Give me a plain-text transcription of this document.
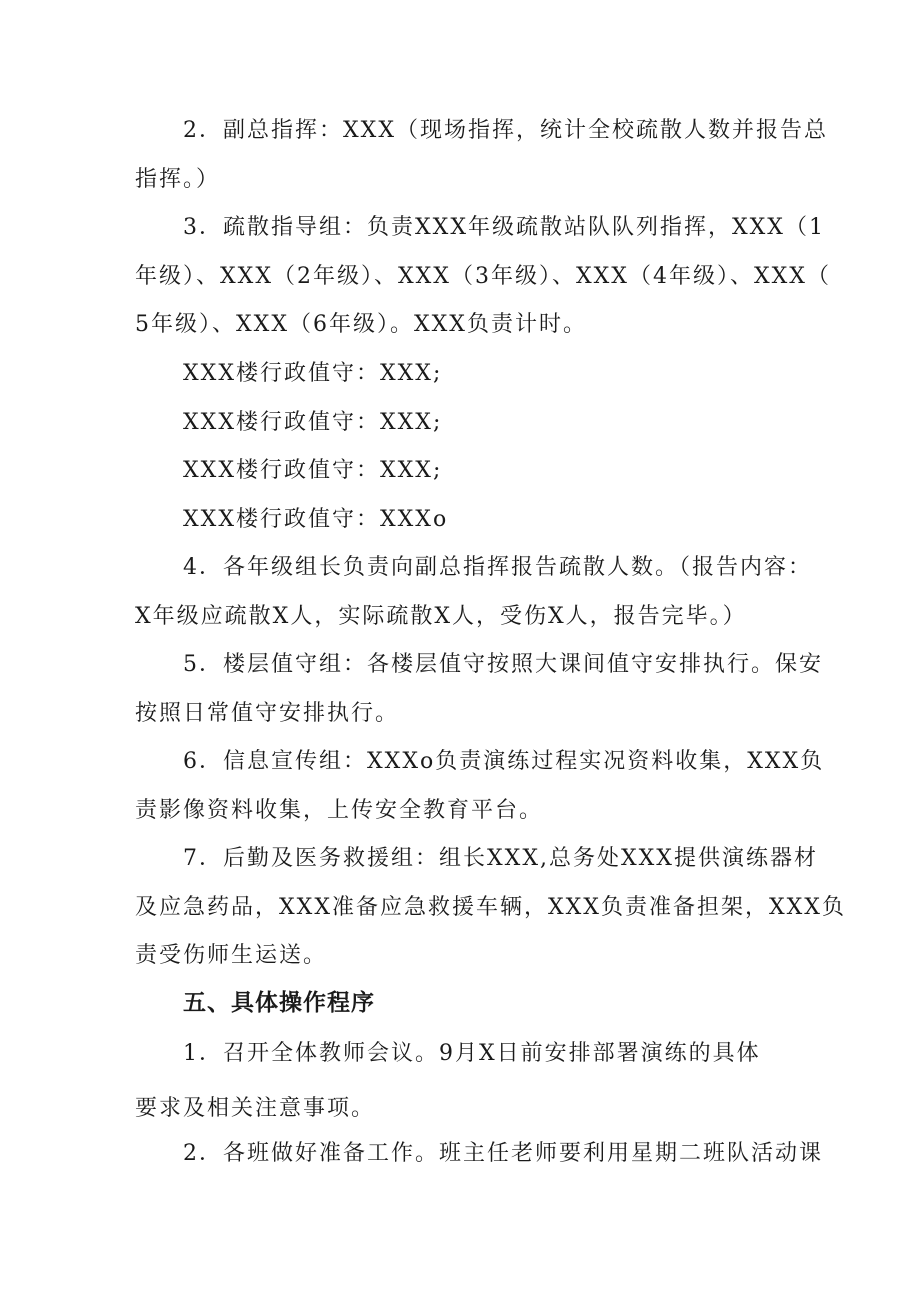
2．副总指挥：XXX（现场指挥，统计全校疏散人数并报告总
指挥。）
3．疏散指导组：负责XXX年级疏散站队队列指挥，XXX（1
年级）、XXX（2年级）、XXX（3年级）、XXX（4年级）、XXX（
5年级）、XXX（6年级）。XXX负责计时。
XXX楼行政值守：XXX;
XXX楼行政值守：XXX;
XXX楼行政值守：XXX;
XXX楼行政值守：XXXo
4．各年级组长负责向副总指挥报告疏散人数。（报告内容：
X年级应疏散X人，实际疏散X人，受伤X人，报告完毕。）
5．楼层值守组：各楼层值守按照大课间值守安排执行。保安
按照日常值守安排执行。
6．信息宣传组：XXXo负责演练过程实况资料收集，XXX负
责影像资料收集，上传安全教育平台。
7．后勤及医务救援组：组长XXX,总务处XXX提供演练器材
及应急药品，XXX准备应急救援车辆，XXX负责准备担架，XXX负
责受伤师生运送。
五、具体操作程序
1．召开全体教师会议。9月X日前安排部署演练的具体
要求及相关注意事项。
2．各班做好准备工作。班主任老师要利用星期二班队活动课
